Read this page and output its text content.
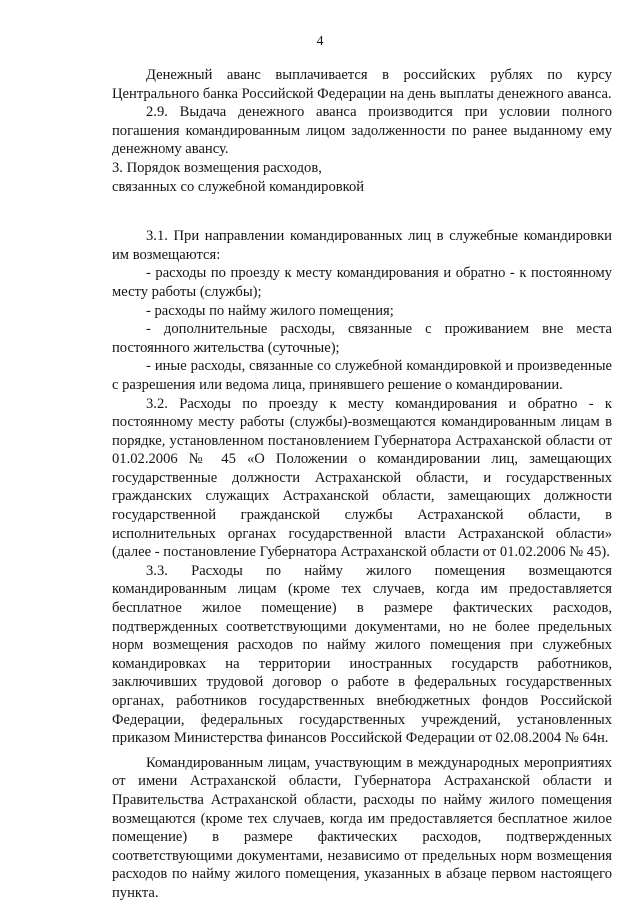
4

Денежный аванс выплачивается в российских рублях по курсу Центрального банка Российской Федерации на день выплаты денежного аванса.

2.9. Выдача денежного аванса производится при условии полного погашения командированным лицом задолженности по ранее выданному ему денежному авансу.

3. Порядок возмещения расходов,

связанных со служебной командировкой

3.1. При направлении командированных лиц в служебные командировки им возмещаются:

- расходы по проезду к месту командирования и обратно - к постоянному месту работы (службы);

- расходы по найму жилого помещения;

- дополнительные расходы, связанные с проживанием вне места постоянного жительства (суточные);

- иные расходы, связанные со служебной командировкой и произведенные с разрешения или ведома лица, принявшего решение о командировании.

3.2. Расходы по проезду к месту командирования и обратно - к постоянному месту работы (службы)-возмещаются командированным лицам в порядке, установленном постановлением Губернатора Астраханской области от 01.02.2006 № 45 «О Положении о командировании лиц, замещающих государственные должности Астраханской области, и государственных гражданских служащих Астраханской области, замещающих должности государственной гражданской службы Астраханской области, в исполнительных органах государственной власти Астраханской области» (далее - постановление Губернатора Астраханской области от 01.02.2006 № 45).

3.3. Расходы по найму жилого помещения возмещаются командированным лицам (кроме тех случаев, когда им предоставляется бесплатное жилое помещение) в размере фактических расходов, подтвержденных соответствующими документами, но не более предельных норм возмещения расходов по найму жилого помещения при служебных командировках на территории иностранных государств работников, заключивших трудовой договор о работе в федеральных государственных органах, работников государственных внебюджетных фондов Российской Федерации, федеральных государственных учреждений, установленных приказом Министерства финансов Российской Федерации от 02.08.2004 № 64н.

Командированным лицам, участвующим в международных мероприятиях от имени Астраханской области, Губернатора Астраханской области и Правительства Астраханской области, расходы по найму жилого помещения возмещаются (кроме тех случаев, когда им предоставляется бесплатное жилое помещение) в размере фактических расходов, подтвержденных соответствующими документами, независимо от предельных норм возмещения расходов по найму жилого помещения, указанных в абзаце первом настоящего пункта.
